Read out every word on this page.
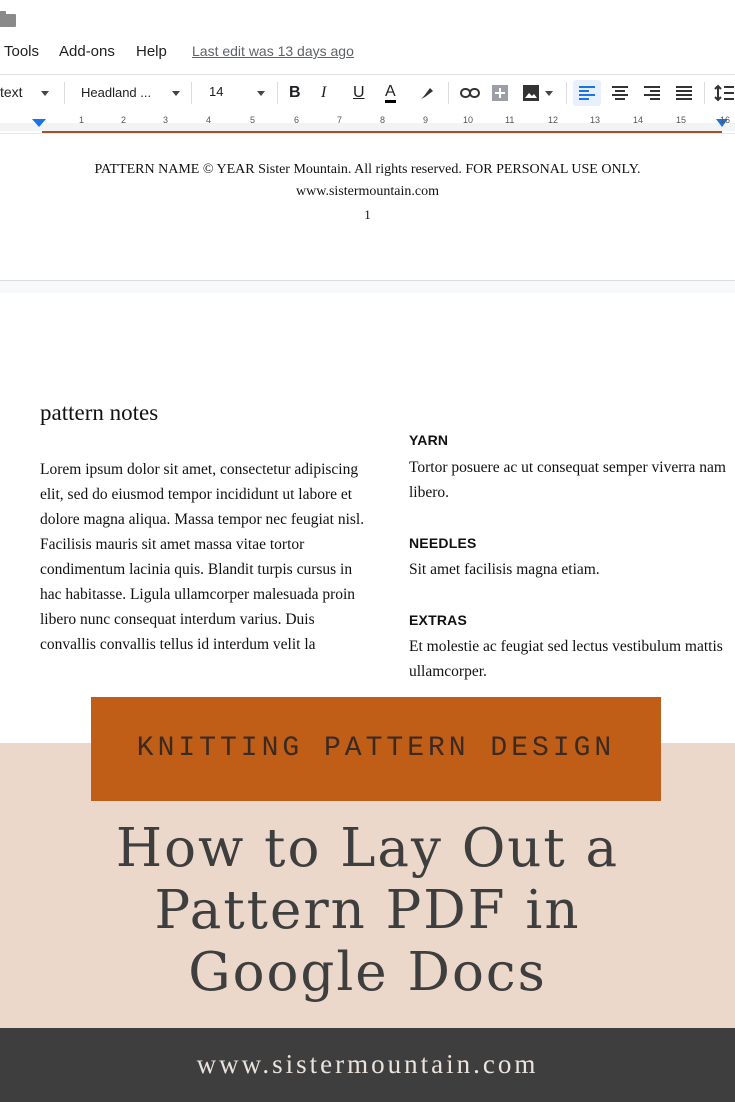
Tools Add-ons Help Last edit was 13 days ago
text	Headland ...	14	B I U A
1	2	3	4	5	6	7	8	9	10	11	12	13	14	15	16
PATTERN NAME © YEAR Sister Mountain. All rights reserved. FOR PERSONAL USE ONLY.
www.sistermountain.com
1
pattern notes

Lorem ipsum dolor sit amet, consectetur adipiscing elit, sed do eiusmod tempor incididunt ut labore et dolore magna aliqua. Massa tempor nec feugiat nisl. Facilisis mauris sit amet massa vitae tortor condimentum lacinia quis. Blandit turpis cursus in hac habitasse. Ligula ullamcorper malesuada proin libero nunc consequat interdum varius. Duis convallis convallis tellus id interdum velit la

YARN

Tortor posuere ac ut consequat semper viverra nam libero.

NEEDLES

Sit amet facilisis magna etiam.

EXTRAS

Et molestie ac feugiat sed lectus vestibulum mattis ullamcorper.

KNITTING PATTERN DESIGN
How to Lay Out a
Pattern PDF in
Google Docs
www.sistermountain.com
